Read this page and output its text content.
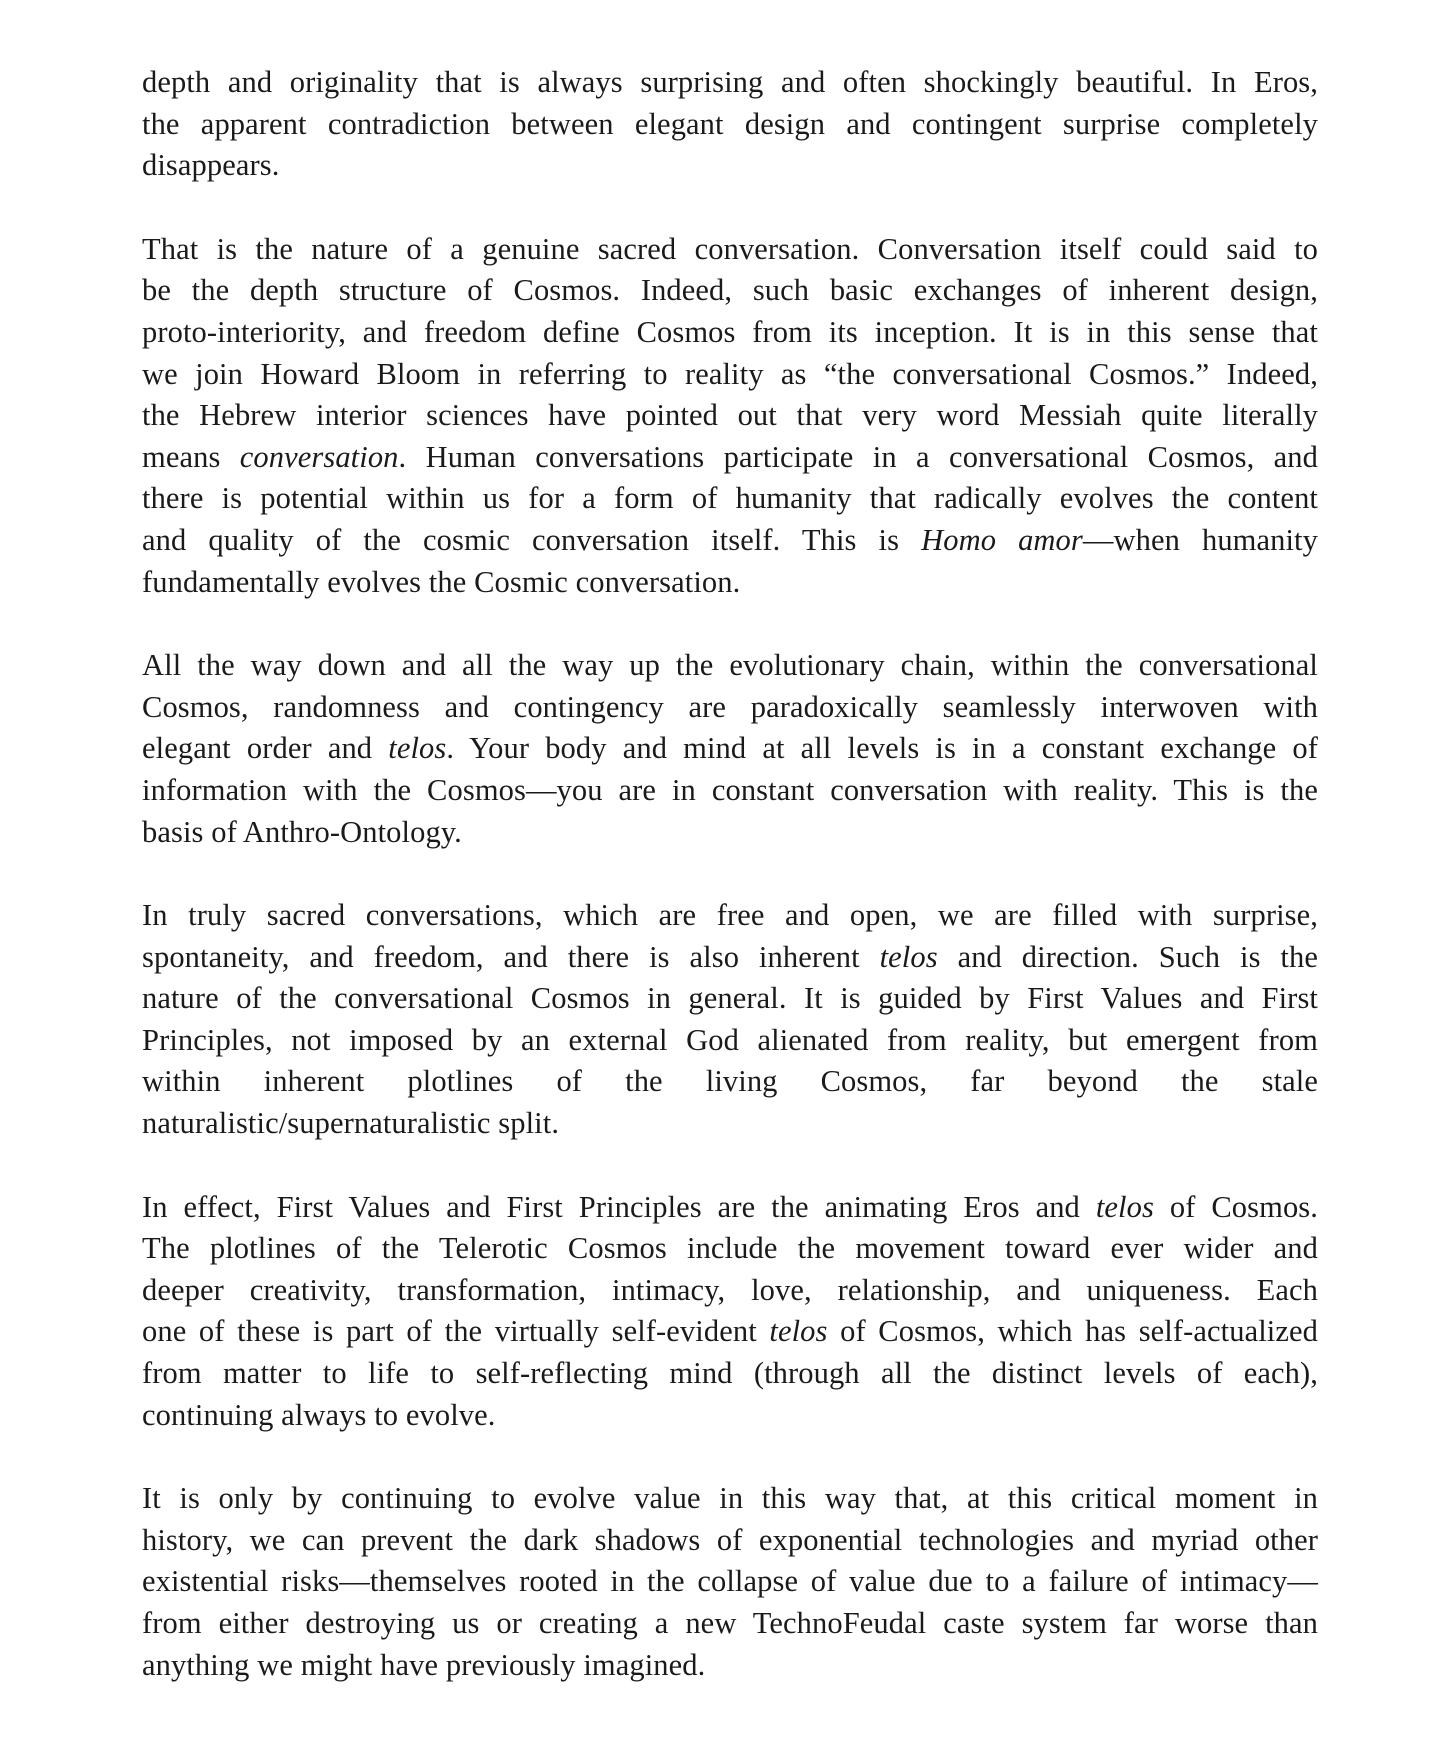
depth and originality that is always surprising and often shockingly beautiful. In Eros,
the apparent contradiction between elegant design and contingent surprise completely
disappears.

That is the nature of a genuine sacred conversation. Conversation itself could said to
be the depth structure of Cosmos. Indeed, such basic exchanges of inherent design,
proto-interiority, and freedom define Cosmos from its inception. It is in this sense that
we join Howard Bloom in referring to reality as “the conversational Cosmos.” Indeed,
the Hebrew interior sciences have pointed out that very word Messiah quite literally
means conversation. Human conversations participate in a conversational Cosmos, and
there is potential within us for a form of humanity that radically evolves the content
and quality of the cosmic conversation itself. This is Homo amor—when humanity
fundamentally evolves the Cosmic conversation.

All the way down and all the way up the evolutionary chain, within the conversational
Cosmos, randomness and contingency are paradoxically seamlessly interwoven with
elegant order and telos. Your body and mind at all levels is in a constant exchange of
information with the Cosmos—you are in constant conversation with reality. This is the
basis of Anthro-Ontology.

In truly sacred conversations, which are free and open, we are filled with surprise,
spontaneity, and freedom, and there is also inherent telos and direction. Such is the
nature of the conversational Cosmos in general. It is guided by First Values and First
Principles, not imposed by an external God alienated from reality, but emergent from
within inherent plotlines of the living Cosmos, far beyond the stale
naturalistic/supernaturalistic split.

In effect, First Values and First Principles are the animating Eros and telos of Cosmos.
The plotlines of the Telerotic Cosmos include the movement toward ever wider and
deeper creativity, transformation, intimacy, love, relationship, and uniqueness. Each
one of these is part of the virtually self-evident telos of Cosmos, which has self-actualized
from matter to life to self-reflecting mind (through all the distinct levels of each),
continuing always to evolve.

It is only by continuing to evolve value in this way that, at this critical moment in
history, we can prevent the dark shadows of exponential technologies and myriad other
existential risks—themselves rooted in the collapse of value due to a failure of intimacy—
from either destroying us or creating a new TechnoFeudal caste system far worse than
anything we might have previously imagined.
